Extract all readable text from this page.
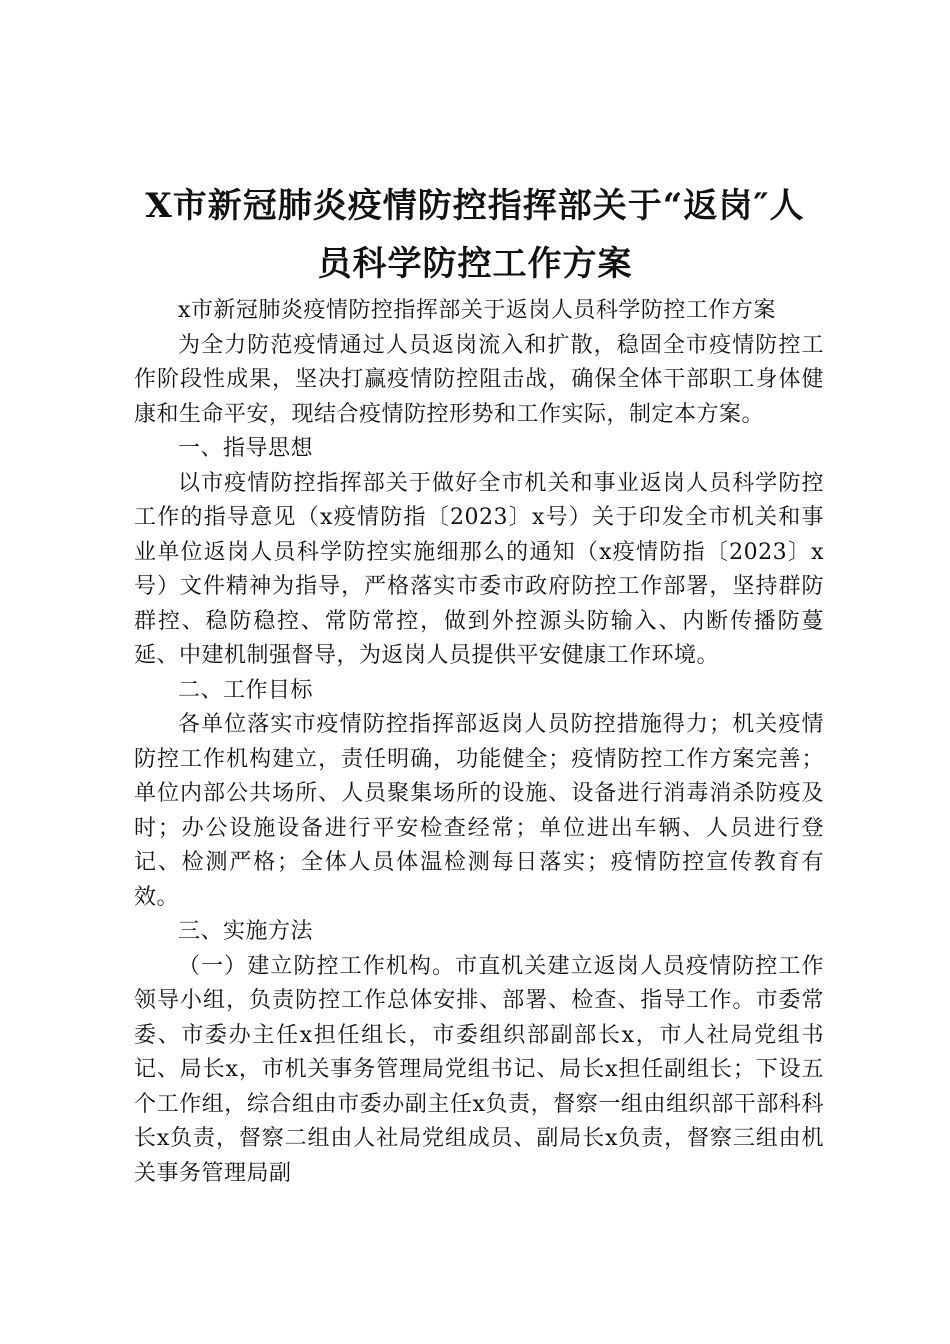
X市新冠肺炎疫情防控指挥部关于“返岗″人
员科学防控工作方案

x市新冠肺炎疫情防控指挥部关于返岗人员科学防控工作方案

为全力防范疫情通过人员返岗流入和扩散，稳固全市疫情防控工作阶段性成果，坚决打赢疫情防控阻击战，确保全体干部职工身体健康和生命平安，现结合疫情防控形势和工作实际，制定本方案。

一、指导思想

以市疫情防控指挥部关于做好全市机关和事业返岗人员科学防控工作的指导意见（x疫情防指〔2023〕x号）关于印发全市机关和事业单位返岗人员科学防控实施细那么的通知（x疫情防指〔2023〕x号）文件精神为指导，严格落实市委市政府防控工作部署，坚持群防群控、稳防稳控、常防常控，做到外控源头防输入、内断传播防蔓延、中建机制强督导，为返岗人员提供平安健康工作环境。

二、工作目标

各单位落实市疫情防控指挥部返岗人员防控措施得力；机关疫情防控工作机构建立，责任明确，功能健全；疫情防控工作方案完善；单位内部公共场所、人员聚集场所的设施、设备进行消毒消杀防疫及时；办公设施设备进行平安检查经常；单位进出车辆、人员进行登记、检测严格；全体人员体温检测每日落实；疫情防控宣传教育有效。

三、实施方法

（一）建立防控工作机构。市直机关建立返岗人员疫情防控工作领导小组，负责防控工作总体安排、部署、检查、指导工作。市委常委、市委办主任x担任组长，市委组织部副部长x，市人社局党组书记、局长x，市机关事务管理局党组书记、局长x担任副组长；下设五个工作组，综合组由市委办副主任x负责，督察一组由组织部干部科科长x负责，督察二组由人社局党组成员、副局长x负责，督察三组由机关事务管理局副
